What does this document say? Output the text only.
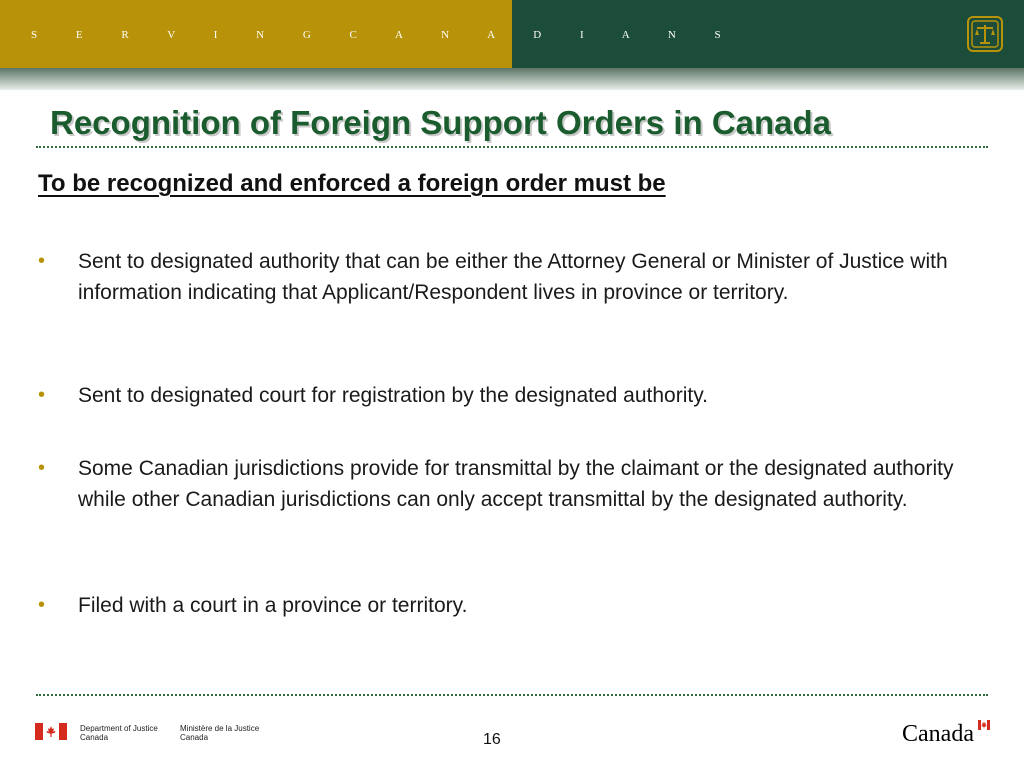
S E R V I N G C A N A D I A N S
Recognition of Foreign Support Orders in Canada
To be recognized and enforced a foreign order must be
•	Sent to designated authority that can be either the Attorney General or Minister of Justice with information indicating that Applicant/Respondent lives in province or territory.
•	Sent to designated court for registration by the designated authority.
•	Some Canadian jurisdictions provide for transmittal by the claimant or the designated authority while other Canadian jurisdictions can only accept transmittal by the designated authority.
•	Filed with a court in a province or territory.
Department of Justice
Canada
Ministère de la Justice
Canada	16	Canada
